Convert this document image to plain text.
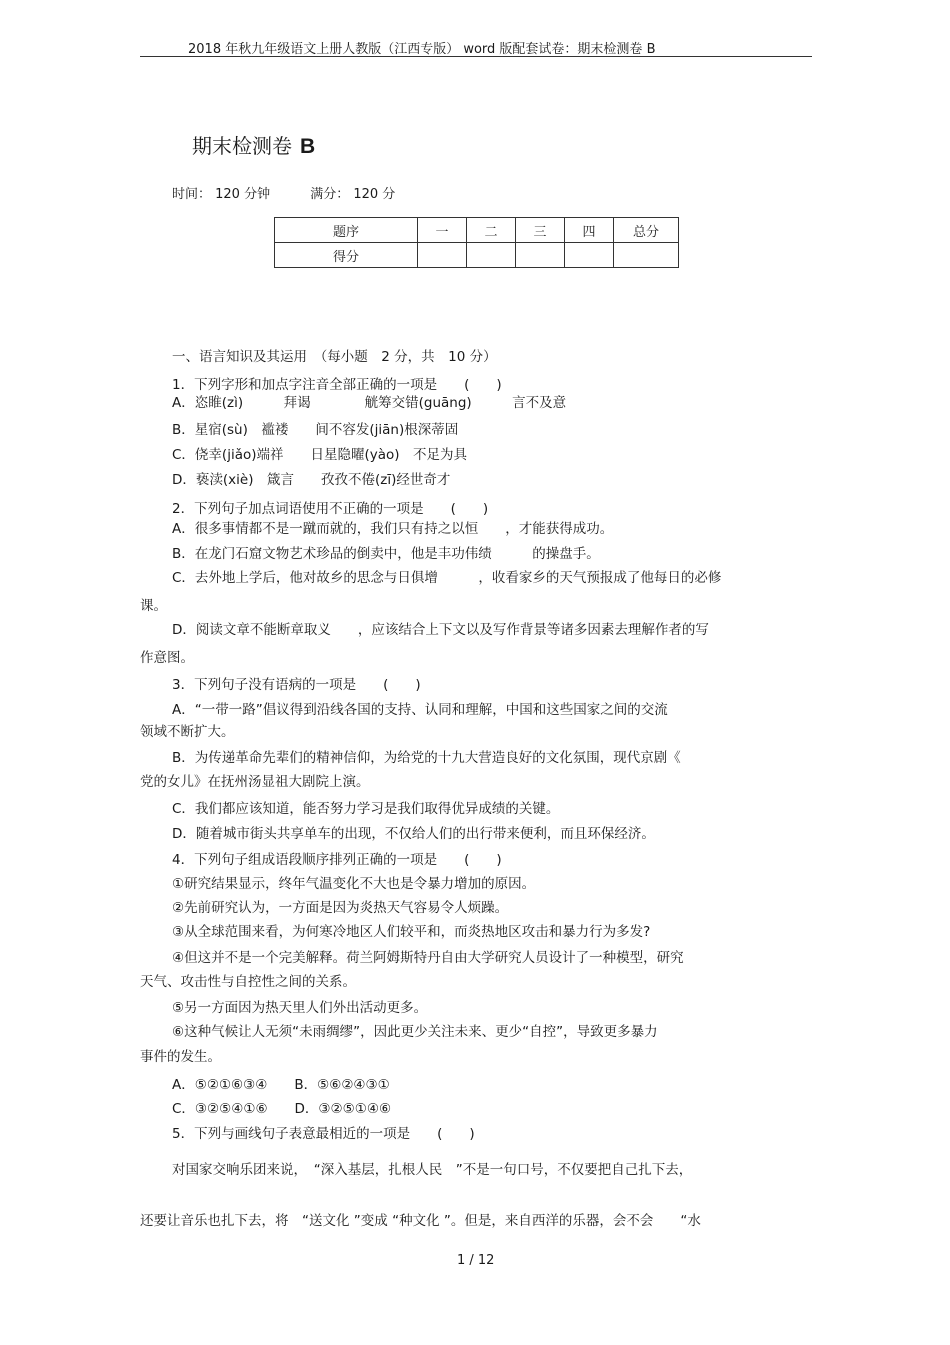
2018 年秋九年级语文上册人教版（江西专版） word 版配套试卷：期末检测卷 B
期末检测卷 B
时间： 120 分钟	满分： 120 分
题序	一	二	三	四	总分
得分					
一、语言知识及其运用　（每小题　2 分，共　10 分）
1．下列字形和加点字注音全部正确的一项是　　(　　)
A．恣睢(zì)　　　拜谒　　　　觥筹交错(guāng)　　　言不及意
B．星宿(sù)　褴褛　　间不容发(jiān)根深蒂固
C．侥幸(jiǎo)端祥　　日星隐曜(yào)　不足为具
D．亵渎(xiè)　箴言　　孜孜不倦(zī)经世奇才
2．下列句子加点词语使用不正确的一项是　　(　　)
A．很多事情都不是一蹴而就的，我们只有持之以恒　　，才能获得成功。
B．在龙门石窟文物艺术珍品的倒卖中，他是丰功伟绩　　　的操盘手。
C．去外地上学后，他对故乡的思念与日俱增　　　，收看家乡的天气预报成了他每日的必修
课。
D．阅读文章不能断章取义　　，应该结合上下文以及写作背景等诸多因素去理解作者的写
作意图。
3．下列句子没有语病的一项是　　(　　)
A．“一带一路”倡议得到沿线各国的支持、认同和理解，中国和这些国家之间的交流
领域不断扩大。
B．为传递革命先辈们的精神信仰，为给党的十九大营造良好的文化氛围，现代京剧《
党的女儿》在抚州汤显祖大剧院上演。
C．我们都应该知道，能否努力学习是我们取得优异成绩的关键。
D．随着城市街头共享单车的出现，不仅给人们的出行带来便利，而且环保经济。
4．下列句子组成语段顺序排列正确的一项是　　(　　)
①研究结果显示，终年气温变化不大也是令暴力增加的原因。
②先前研究认为，一方面是因为炎热天气容易令人烦躁。
③从全球范围来看，为何寒冷地区人们较平和，而炎热地区攻击和暴力行为多发?
④但这并不是一个完美解释。荷兰阿姆斯特丹自由大学研究人员设计了一种模型，研究
天气、攻击性与自控性之间的关系。
⑤另一方面因为热天里人们外出活动更多。
⑥这种气候让人无须“未雨绸缪”，因此更少关注未来、更少“自控”，导致更多暴力
事件的发生。
A．⑤②①⑥③④　　B．⑤⑥②④③①
C．③②⑤④①⑥　　D．③②⑤①④⑥
5．下列与画线句子表意最相近的一项是　　(　　)
对国家交响乐团来说，　“深入基层，扎根人民　”不是一句口号，不仅要把自己扎下去，
还要让音乐也扎下去，将　“送文化 ”变成 “种文化 ”。但是，来自西洋的乐器，会不会　　“水
1 / 12
